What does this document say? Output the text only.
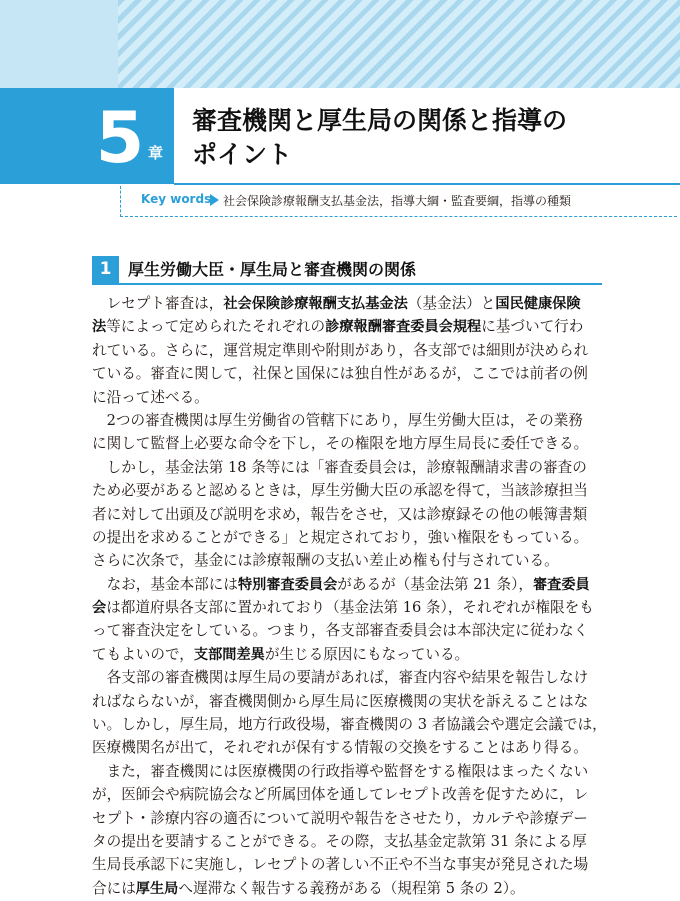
5 章
審査機関と厚生局の関係と指導の
ポイント
Key words 社会保険診療報酬支払基金法，指導大綱・監査要綱，指導の種類
1	厚生労働大臣・厚生局と審査機関の関係
　レセプト審査は，社会保険診療報酬支払基金法（基金法）と国民健康保険
法等によって定められたそれぞれの診療報酬審査委員会規程に基づいて行わ
れている。さらに，運営規定準則や附則があり，各支部では細則が決められ
ている。審査に関して，社保と国保には独自性があるが，ここでは前者の例
に沿って述べる。
　2つの審査機関は厚生労働省の管轄下にあり，厚生労働大臣は，その業務
に関して監督上必要な命令を下し，その権限を地方厚生局長に委任できる。
　しかし，基金法第 18 条等には「審査委員会は，診療報酬請求書の審査の
ため必要があると認めるときは，厚生労働大臣の承認を得て，当該診療担当
者に対して出頭及び説明を求め，報告をさせ，又は診療録その他の帳簿書類
の提出を求めることができる」と規定されており，強い権限をもっている。
さらに次条で，基金には診療報酬の支払い差止め権も付与されている。
　なお，基金本部には特別審査委員会があるが（基金法第 21 条），審査委員
会は都道府県各支部に置かれており（基金法第 16 条），それぞれが権限をも
って審査決定をしている。つまり，各支部審査委員会は本部決定に従わなく
てもよいので，支部間差異が生じる原因にもなっている。
　各支部の審査機関は厚生局の要請があれば，審査内容や結果を報告しなけ
ればならないが，審査機関側から厚生局に医療機関の実状を訴えることはな
い。しかし，厚生局，地方行政役場，審査機関の 3 者協議会や選定会議では，
医療機関名が出て，それぞれが保有する情報の交換をすることはあり得る。
　また，審査機関には医療機関の行政指導や監督をする権限はまったくない
が，医師会や病院協会など所属団体を通してレセプト改善を促すために，レ
セプト・診療内容の適否について説明や報告をさせたり，カルテや診療デー
タの提出を要請することができる。その際，支払基金定款第 31 条による厚
生局長承認下に実施し，レセプトの著しい不正や不当な事実が発見された場
合には厚生局へ遅滞なく報告する義務がある（規程第 5 条の 2）。
